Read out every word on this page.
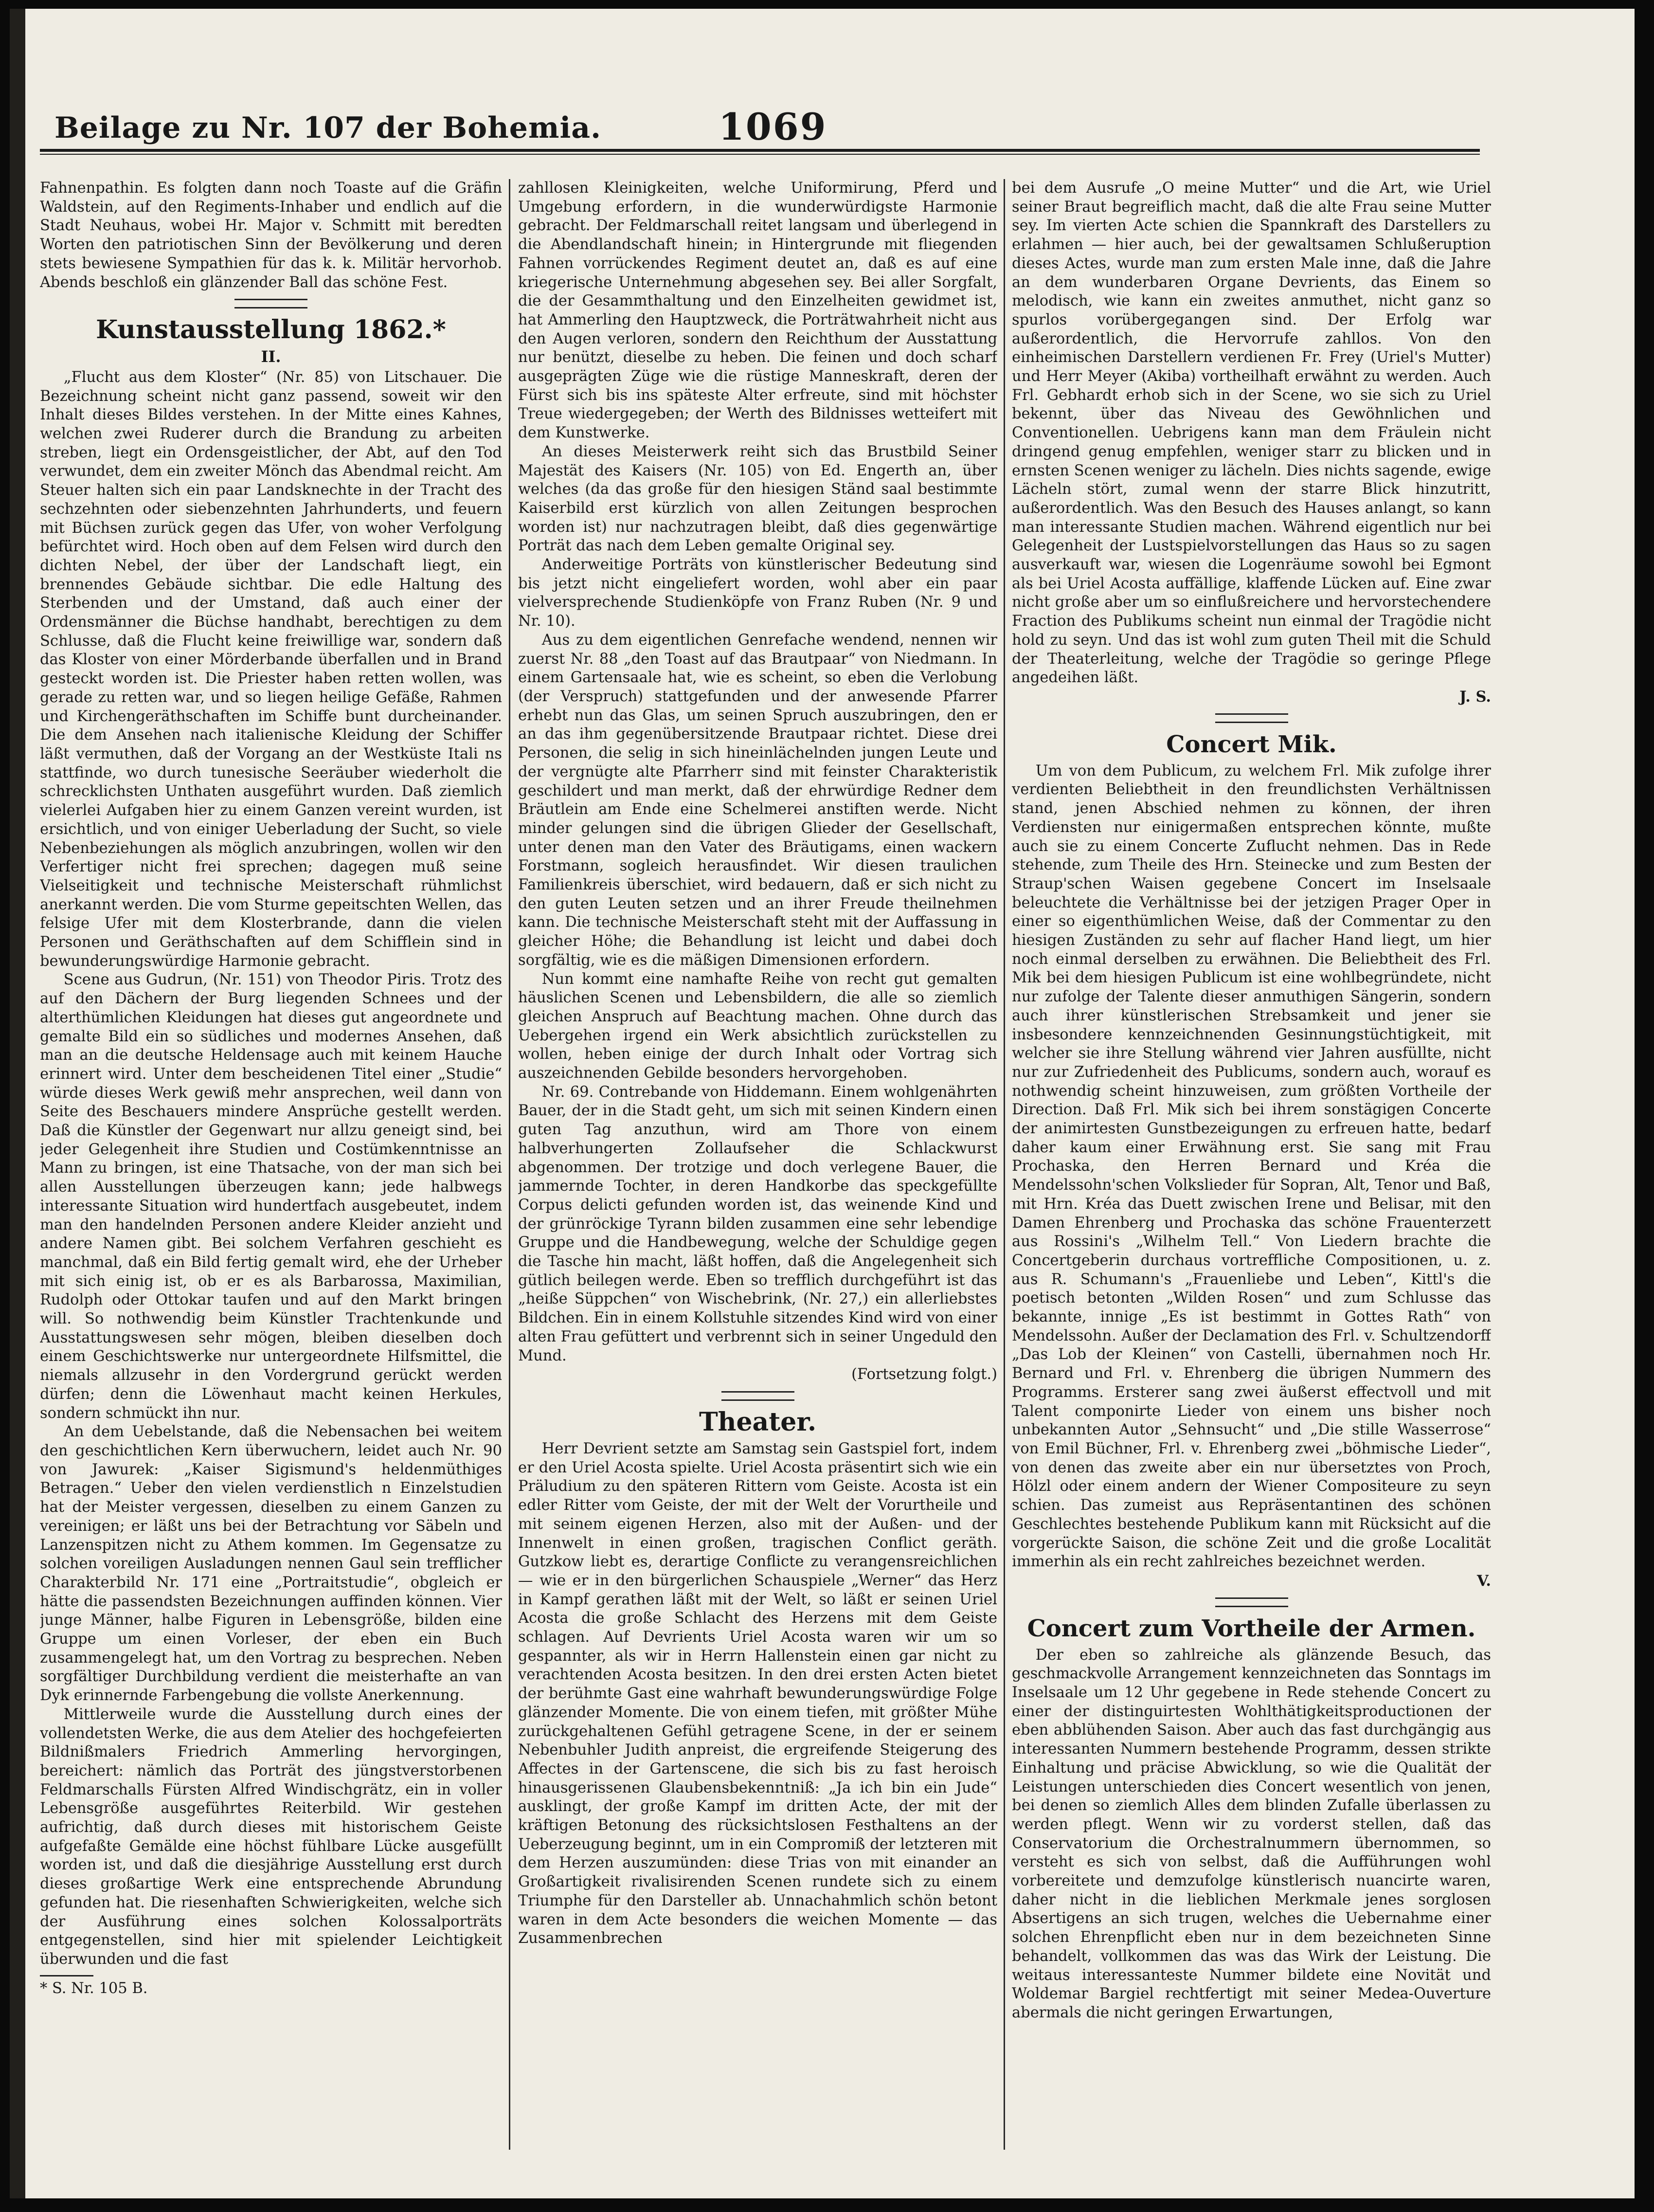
Beilage zu Nr. 107 der Bohemia.	1069

Fahnenpathin. Es folgten dann noch Toaste auf die Gräfin Waldstein, auf den Regiments-Inhaber und endlich auf die Stadt Neuhaus, wobei Hr. Major v. Schmitt mit beredten Worten den patriotischen Sinn der Bevölkerung und deren stets bewiesene Sympathien für das k. k. Militär hervorhob. Abends beschloß ein glänzender Ball das schöne Fest.

Kunstausstellung 1862.*
II.

„Flucht aus dem Kloster“ (Nr. 85) von Litschauer. Die Bezeichnung scheint nicht ganz passend, soweit wir den Inhalt dieses Bildes verstehen. In der Mitte eines Kahnes, welchen zwei Ruderer durch die Brandung zu arbeiten streben, liegt ein Ordensgeistlicher, der Abt, auf den Tod verwundet, dem ein zweiter Mönch das Abendmal reicht. Am Steuer halten sich ein paar Landsknechte in der Tracht des sechzehnten oder siebenzehnten Jahrhunderts, und feuern mit Büchsen zurück gegen das Ufer, von woher Verfolgung befürchtet wird. Hoch oben auf dem Felsen wird durch den dichten Nebel, der über der Landschaft liegt, ein brennendes Gebäude sichtbar. Die edle Haltung des Sterbenden und der Umstand, daß auch einer der Ordensmänner die Büchse handhabt, berechtigen zu dem Schlusse, daß die Flucht keine freiwillige war, sondern daß das Kloster von einer Mörderbande überfallen und in Brand gesteckt worden ist. Die Priester haben retten wollen, was gerade zu retten war, und so liegen heilige Gefäße, Rahmen und Kirchengeräthschaften im Schiffe bunt durcheinander. Die dem Ansehen nach italienische Kleidung der Schiffer läßt vermuthen, daß der Vorgang an der Westküste Itali ns stattfinde, wo durch tunesische Seeräuber wiederholt die schrecklichsten Unthaten ausgeführt wurden. Daß ziemlich vielerlei Aufgaben hier zu einem Ganzen vereint wurden, ist ersichtlich, und von einiger Ueberladung der Sucht, so viele Nebenbeziehungen als möglich anzubringen, wollen wir den Verfertiger nicht frei sprechen; dagegen muß seine Vielseitigkeit und technische Meisterschaft rühmlichst anerkannt werden. Die vom Sturme gepeitschten Wellen, das felsige Ufer mit dem Klosterbrande, dann die vielen Personen und Geräthschaften auf dem Schifflein sind in bewunderungswürdige Harmonie gebracht.

Scene aus Gudrun, (Nr. 151) von Theodor Piris. Trotz des auf den Dächern der Burg liegenden Schnees und der alterthümlichen Kleidungen hat dieses gut angeordnete und gemalte Bild ein so südliches und modernes Ansehen, daß man an die deutsche Heldensage auch mit keinem Hauche erinnert wird. Unter dem bescheidenen Titel einer „Studie“ würde dieses Werk gewiß mehr ansprechen, weil dann von Seite des Beschauers mindere Ansprüche gestellt werden. Daß die Künstler der Gegenwart nur allzu geneigt sind, bei jeder Gelegenheit ihre Studien und Costümkenntnisse an Mann zu bringen, ist eine Thatsache, von der man sich bei allen Ausstellungen überzeugen kann; jede halbwegs interessante Situation wird hundertfach ausgebeutet, indem man den handelnden Personen andere Kleider anzieht und andere Namen gibt. Bei solchem Verfahren geschieht es manchmal, daß ein Bild fertig gemalt wird, ehe der Urheber mit sich einig ist, ob er es als Barbarossa, Maximilian, Rudolph oder Ottokar taufen und auf den Markt bringen will. So nothwendig beim Künstler Trachtenkunde und Ausstattungswesen sehr mögen, bleiben dieselben doch einem Geschichtswerke nur untergeordnete Hilfsmittel, die niemals allzusehr in den Vordergrund gerückt werden dürfen; denn die Löwenhaut macht keinen Herkules, sondern schmückt ihn nur.

An dem Uebelstande, daß die Nebensachen bei weitem den geschichtlichen Kern überwuchern, leidet auch Nr. 90 von Jawurek: „Kaiser Sigismund's heldenmüthiges Betragen.“ Ueber den vielen verdienstlich n Einzelstudien hat der Meister vergessen, dieselben zu einem Ganzen zu vereinigen; er läßt uns bei der Betrachtung vor Säbeln und Lanzenspitzen nicht zu Athem kommen. Im Gegensatze zu solchen voreiligen Ausladungen nennen Gaul sein trefflicher Charakterbild Nr. 171 eine „Portraitstudie“, obgleich er hätte die passendsten Bezeichnungen auffinden können. Vier junge Männer, halbe Figuren in Lebensgröße, bilden eine Gruppe um einen Vorleser, der eben ein Buch zusammengelegt hat, um den Vortrag zu besprechen. Neben sorgfältiger Durchbildung verdient die meisterhafte an van Dyk erinnernde Farbengebung die vollste Anerkennung.

Mittlerweile wurde die Ausstellung durch eines der vollendetsten Werke, die aus dem Atelier des hochgefeierten Bildnißmalers Friedrich Ammerling hervorgingen, bereichert: nämlich das Porträt des jüngstverstorbenen Feldmarschalls Fürsten Alfred Windischgrätz, ein in voller Lebensgröße ausgeführtes Reiterbild. Wir gestehen aufrichtig, daß durch dieses mit historischem Geiste aufgefaßte Gemälde eine höchst fühlbare Lücke ausgefüllt worden ist, und daß die diesjährige Ausstellung erst durch dieses großartige Werk eine entsprechende Abrundung gefunden hat. Die riesenhaften Schwierigkeiten, welche sich der Ausführung eines solchen Kolossalporträts entgegenstellen, sind hier mit spielender Leichtigkeit überwunden und die fast

* S. Nr. 105 B.

zahllosen Kleinigkeiten, welche Uniformirung, Pferd und Umgebung erfordern, in die wunderwürdigste Harmonie gebracht. Der Feldmarschall reitet langsam und überlegend in die Abendlandschaft hinein; in Hintergrunde mit fliegenden Fahnen vorrückendes Regiment deutet an, daß es auf eine kriegerische Unternehmung abgesehen sey. Bei aller Sorgfalt, die der Gesammthaltung und den Einzelheiten gewidmet ist, hat Ammerling den Hauptzweck, die Porträtwahrheit nicht aus den Augen verloren, sondern den Reichthum der Ausstattung nur benützt, dieselbe zu heben. Die feinen und doch scharf ausgeprägten Züge wie die rüstige Manneskraft, deren der Fürst sich bis ins späteste Alter erfreute, sind mit höchster Treue wiedergegeben; der Werth des Bildnisses wetteifert mit dem Kunstwerke.

An dieses Meisterwerk reiht sich das Brustbild Seiner Majestät des Kaisers (Nr. 105) von Ed. Engerth an, über welches (da das große für den hiesigen Ständ saal bestimmte Kaiserbild erst kürzlich von allen Zeitungen besprochen worden ist) nur nachzutragen bleibt, daß dies gegenwärtige Porträt das nach dem Leben gemalte Original sey.

Anderweitige Porträts von künstlerischer Bedeutung sind bis jetzt nicht eingeliefert worden, wohl aber ein paar vielversprechende Studienköpfe von Franz Ruben (Nr. 9 und Nr. 10).

Aus zu dem eigentlichen Genrefache wendend, nennen wir zuerst Nr. 88 „den Toast auf das Brautpaar“ von Niedmann. In einem Gartensaale hat, wie es scheint, so eben die Verlobung (der Verspruch) stattgefunden und der anwesende Pfarrer erhebt nun das Glas, um seinen Spruch auszubringen, den er an das ihm gegenübersitzende Brautpaar richtet. Diese drei Personen, die selig in sich hineinlächelnden jungen Leute und der vergnügte alte Pfarrherr sind mit feinster Charakteristik geschildert und man merkt, daß der ehrwürdige Redner dem Bräutlein am Ende eine Schelmerei anstiften werde. Nicht minder gelungen sind die übrigen Glieder der Gesellschaft, unter denen man den Vater des Bräutigams, einen wackern Forstmann, sogleich herausfindet. Wir diesen traulichen Familienkreis überschiet, wird bedauern, daß er sich nicht zu den guten Leuten setzen und an ihrer Freude theilnehmen kann. Die technische Meisterschaft steht mit der Auffassung in gleicher Höhe; die Behandlung ist leicht und dabei doch sorgfältig, wie es die mäßigen Dimensionen erfordern.

Nun kommt eine namhafte Reihe von recht gut gemalten häuslichen Scenen und Lebensbildern, die alle so ziemlich gleichen Anspruch auf Beachtung machen. Ohne durch das Uebergehen irgend ein Werk absichtlich zurückstellen zu wollen, heben einige der durch Inhalt oder Vortrag sich auszeichnenden Gebilde besonders hervorgehoben.

Nr. 69. Contrebande von Hiddemann. Einem wohlgenährten Bauer, der in die Stadt geht, um sich mit seinen Kindern einen guten Tag anzuthun, wird am Thore von einem halbverhungerten Zollaufseher die Schlackwurst abgenommen. Der trotzige und doch verlegene Bauer, die jammernde Tochter, in deren Handkorbe das speckgefüllte Corpus delicti gefunden worden ist, das weinende Kind und der grünröckige Tyrann bilden zusammen eine sehr lebendige Gruppe und die Handbewegung, welche der Schuldige gegen die Tasche hin macht, läßt hoffen, daß die Angelegenheit sich gütlich beilegen werde. Eben so trefflich durchgeführt ist das „heiße Süppchen“ von Wischebrink, (Nr. 27,) ein allerliebstes Bildchen. Ein in einem Kollstuhle sitzendes Kind wird von einer alten Frau gefüttert und verbrennt sich in seiner Ungeduld den Mund.

(Fortsetzung folgt.)

Theater.

Herr Devrient setzte am Samstag sein Gastspiel fort, indem er den Uriel Acosta spielte. Uriel Acosta präsentirt sich wie ein Präludium zu den späteren Rittern vom Geiste. Acosta ist ein edler Ritter vom Geiste, der mit der Welt der Vorurtheile und mit seinem eigenen Herzen, also mit der Außen- und der Innenwelt in einen großen, tragischen Conflict geräth. Gutzkow liebt es, derartige Conflicte zu verangensreichlichen — wie er in den bürgerlichen Schauspiele „Werner“ das Herz in Kampf gerathen läßt mit der Welt, so läßt er seinen Uriel Acosta die große Schlacht des Herzens mit dem Geiste schlagen. Auf Devrients Uriel Acosta waren wir um so gespannter, als wir in Herrn Hallenstein einen gar nicht zu verachtenden Acosta besitzen. In den drei ersten Acten bietet der berühmte Gast eine wahrhaft bewunderungswürdige Folge glänzender Momente. Die von einem tiefen, mit größter Mühe zurückgehaltenen Gefühl getragene Scene, in der er seinem Nebenbuhler Judith anpreist, die ergreifende Steigerung des Affectes in der Gartenscene, die sich bis zu fast heroisch hinausgerissenen Glaubensbekenntniß: „Ja ich bin ein Jude“ ausklingt, der große Kampf im dritten Acte, der mit der kräftigen Betonung des rücksichtslosen Festhaltens an der Ueberzeugung beginnt, um in ein Compromiß der letzteren mit dem Herzen auszumünden: diese Trias von mit einander an Großartigkeit rivalisirenden Scenen rundete sich zu einem Triumphe für den Darsteller ab. Unnachahmlich schön betont waren in dem Acte besonders die weichen Momente — das Zusammenbrechen

bei dem Ausrufe „O meine Mutter“ und die Art, wie Uriel seiner Braut begreiflich macht, daß die alte Frau seine Mutter sey. Im vierten Acte schien die Spannkraft des Darstellers zu erlahmen — hier auch, bei der gewaltsamen Schlußeruption dieses Actes, wurde man zum ersten Male inne, daß die Jahre an dem wunderbaren Organe Devrients, das Einem so melodisch, wie kann ein zweites anmuthet, nicht ganz so spurlos vorübergegangen sind. Der Erfolg war außerordentlich, die Hervorrufe zahllos. Von den einheimischen Darstellern verdienen Fr. Frey (Uriel's Mutter) und Herr Meyer (Akiba) vortheilhaft erwähnt zu werden. Auch Frl. Gebhardt erhob sich in der Scene, wo sie sich zu Uriel bekennt, über das Niveau des Gewöhnlichen und Conventionellen. Uebrigens kann man dem Fräulein nicht dringend genug empfehlen, weniger starr zu blicken und in ernsten Scenen weniger zu lächeln. Dies nichts sagende, ewige Lächeln stört, zumal wenn der starre Blick hinzutritt, außerordentlich. Was den Besuch des Hauses anlangt, so kann man interessante Studien machen. Während eigentlich nur bei Gelegenheit der Lustspielvorstellungen das Haus so zu sagen ausverkauft war, wiesen die Logenräume sowohl bei Egmont als bei Uriel Acosta auffällige, klaffende Lücken auf. Eine zwar nicht große aber um so einflußreichere und hervorstechendere Fraction des Publikums scheint nun einmal der Tragödie nicht hold zu seyn. Und das ist wohl zum guten Theil mit die Schuld der Theaterleitung, welche der Tragödie so geringe Pflege angedeihen läßt.

J. S.

Concert Mik.

Um von dem Publicum, zu welchem Frl. Mik zufolge ihrer verdienten Beliebtheit in den freundlichsten Verhältnissen stand, jenen Abschied nehmen zu können, der ihren Verdiensten nur einigermaßen entsprechen könnte, mußte auch sie zu einem Concerte Zuflucht nehmen. Das in Rede stehende, zum Theile des Hrn. Steinecke und zum Besten der Straup'schen Waisen gegebene Concert im Inselsaale beleuchtete die Verhältnisse bei der jetzigen Prager Oper in einer so eigenthümlichen Weise, daß der Commentar zu den hiesigen Zuständen zu sehr auf flacher Hand liegt, um hier noch einmal derselben zu erwähnen. Die Beliebtheit des Frl. Mik bei dem hiesigen Publicum ist eine wohlbegründete, nicht nur zufolge der Talente dieser anmuthigen Sängerin, sondern auch ihrer künstlerischen Strebsamkeit und jener sie insbesondere kennzeichnenden Gesinnungstüchtigkeit, mit welcher sie ihre Stellung während vier Jahren ausfüllte, nicht nur zur Zufriedenheit des Publicums, sondern auch, worauf es nothwendig scheint hinzuweisen, zum größten Vortheile der Direction. Daß Frl. Mik sich bei ihrem sonstägigen Concerte der animirtesten Gunstbezeigungen zu erfreuen hatte, bedarf daher kaum einer Erwähnung erst. Sie sang mit Frau Prochaska, den Herren Bernard und Kréa die Mendelssohn'schen Volkslieder für Sopran, Alt, Tenor und Baß, mit Hrn. Kréa das Duett zwischen Irene und Belisar, mit den Damen Ehrenberg und Prochaska das schöne Frauenterzett aus Rossini's „Wilhelm Tell.“ Von Liedern brachte die Concertgeberin durchaus vortreffliche Compositionen, u. z. aus R. Schumann's „Frauenliebe und Leben“, Kittl's die poetisch betonten „Wilden Rosen“ und zum Schlusse das bekannte, innige „Es ist bestimmt in Gottes Rath“ von Mendelssohn. Außer der Declamation des Frl. v. Schultzendorff „Das Lob der Kleinen“ von Castelli, übernahmen noch Hr. Bernard und Frl. v. Ehrenberg die übrigen Nummern des Programms. Ersterer sang zwei äußerst effectvoll und mit Talent componirte Lieder von einem uns bisher noch unbekannten Autor „Sehnsucht“ und „Die stille Wasserrose“ von Emil Büchner, Frl. v. Ehrenberg zwei „böhmische Lieder“, von denen das zweite aber ein nur übersetztes von Proch, Hölzl oder einem andern der Wiener Compositeure zu seyn schien. Das zumeist aus Repräsentantinen des schönen Geschlechtes bestehende Publikum kann mit Rücksicht auf die vorgerückte Saison, die schöne Zeit und die große Localität immerhin als ein recht zahlreiches bezeichnet werden.

V.

Concert zum Vortheile der Armen.

Der eben so zahlreiche als glänzende Besuch, das geschmackvolle Arrangement kennzeichneten das Sonntags im Inselsaale um 12 Uhr gegebene in Rede stehende Concert zu einer der distinguirtesten Wohlthätigkeitsproductionen der eben abblühenden Saison. Aber auch das fast durchgängig aus interessanten Nummern bestehende Programm, dessen strikte Einhaltung und präcise Abwicklung, so wie die Qualität der Leistungen unterschieden dies Concert wesentlich von jenen, bei denen so ziemlich Alles dem blinden Zufalle überlassen zu werden pflegt. Wenn wir zu vorderst stellen, daß das Conservatorium die Orchestralnummern übernommen, so versteht es sich von selbst, daß die Aufführungen wohl vorbereitete und demzufolge künstlerisch nuancirte waren, daher nicht in die lieblichen Merkmale jenes sorglosen Absertigens an sich trugen, welches die Uebernahme einer solchen Ehrenpflicht eben nur in dem bezeichneten Sinne behandelt, vollkommen das was das Wirk der Leistung. Die weitaus interessanteste Nummer bildete eine Novität und Woldemar Bargiel rechtfertigt mit seiner Medea-Ouverture abermals die nicht geringen Erwartungen,
